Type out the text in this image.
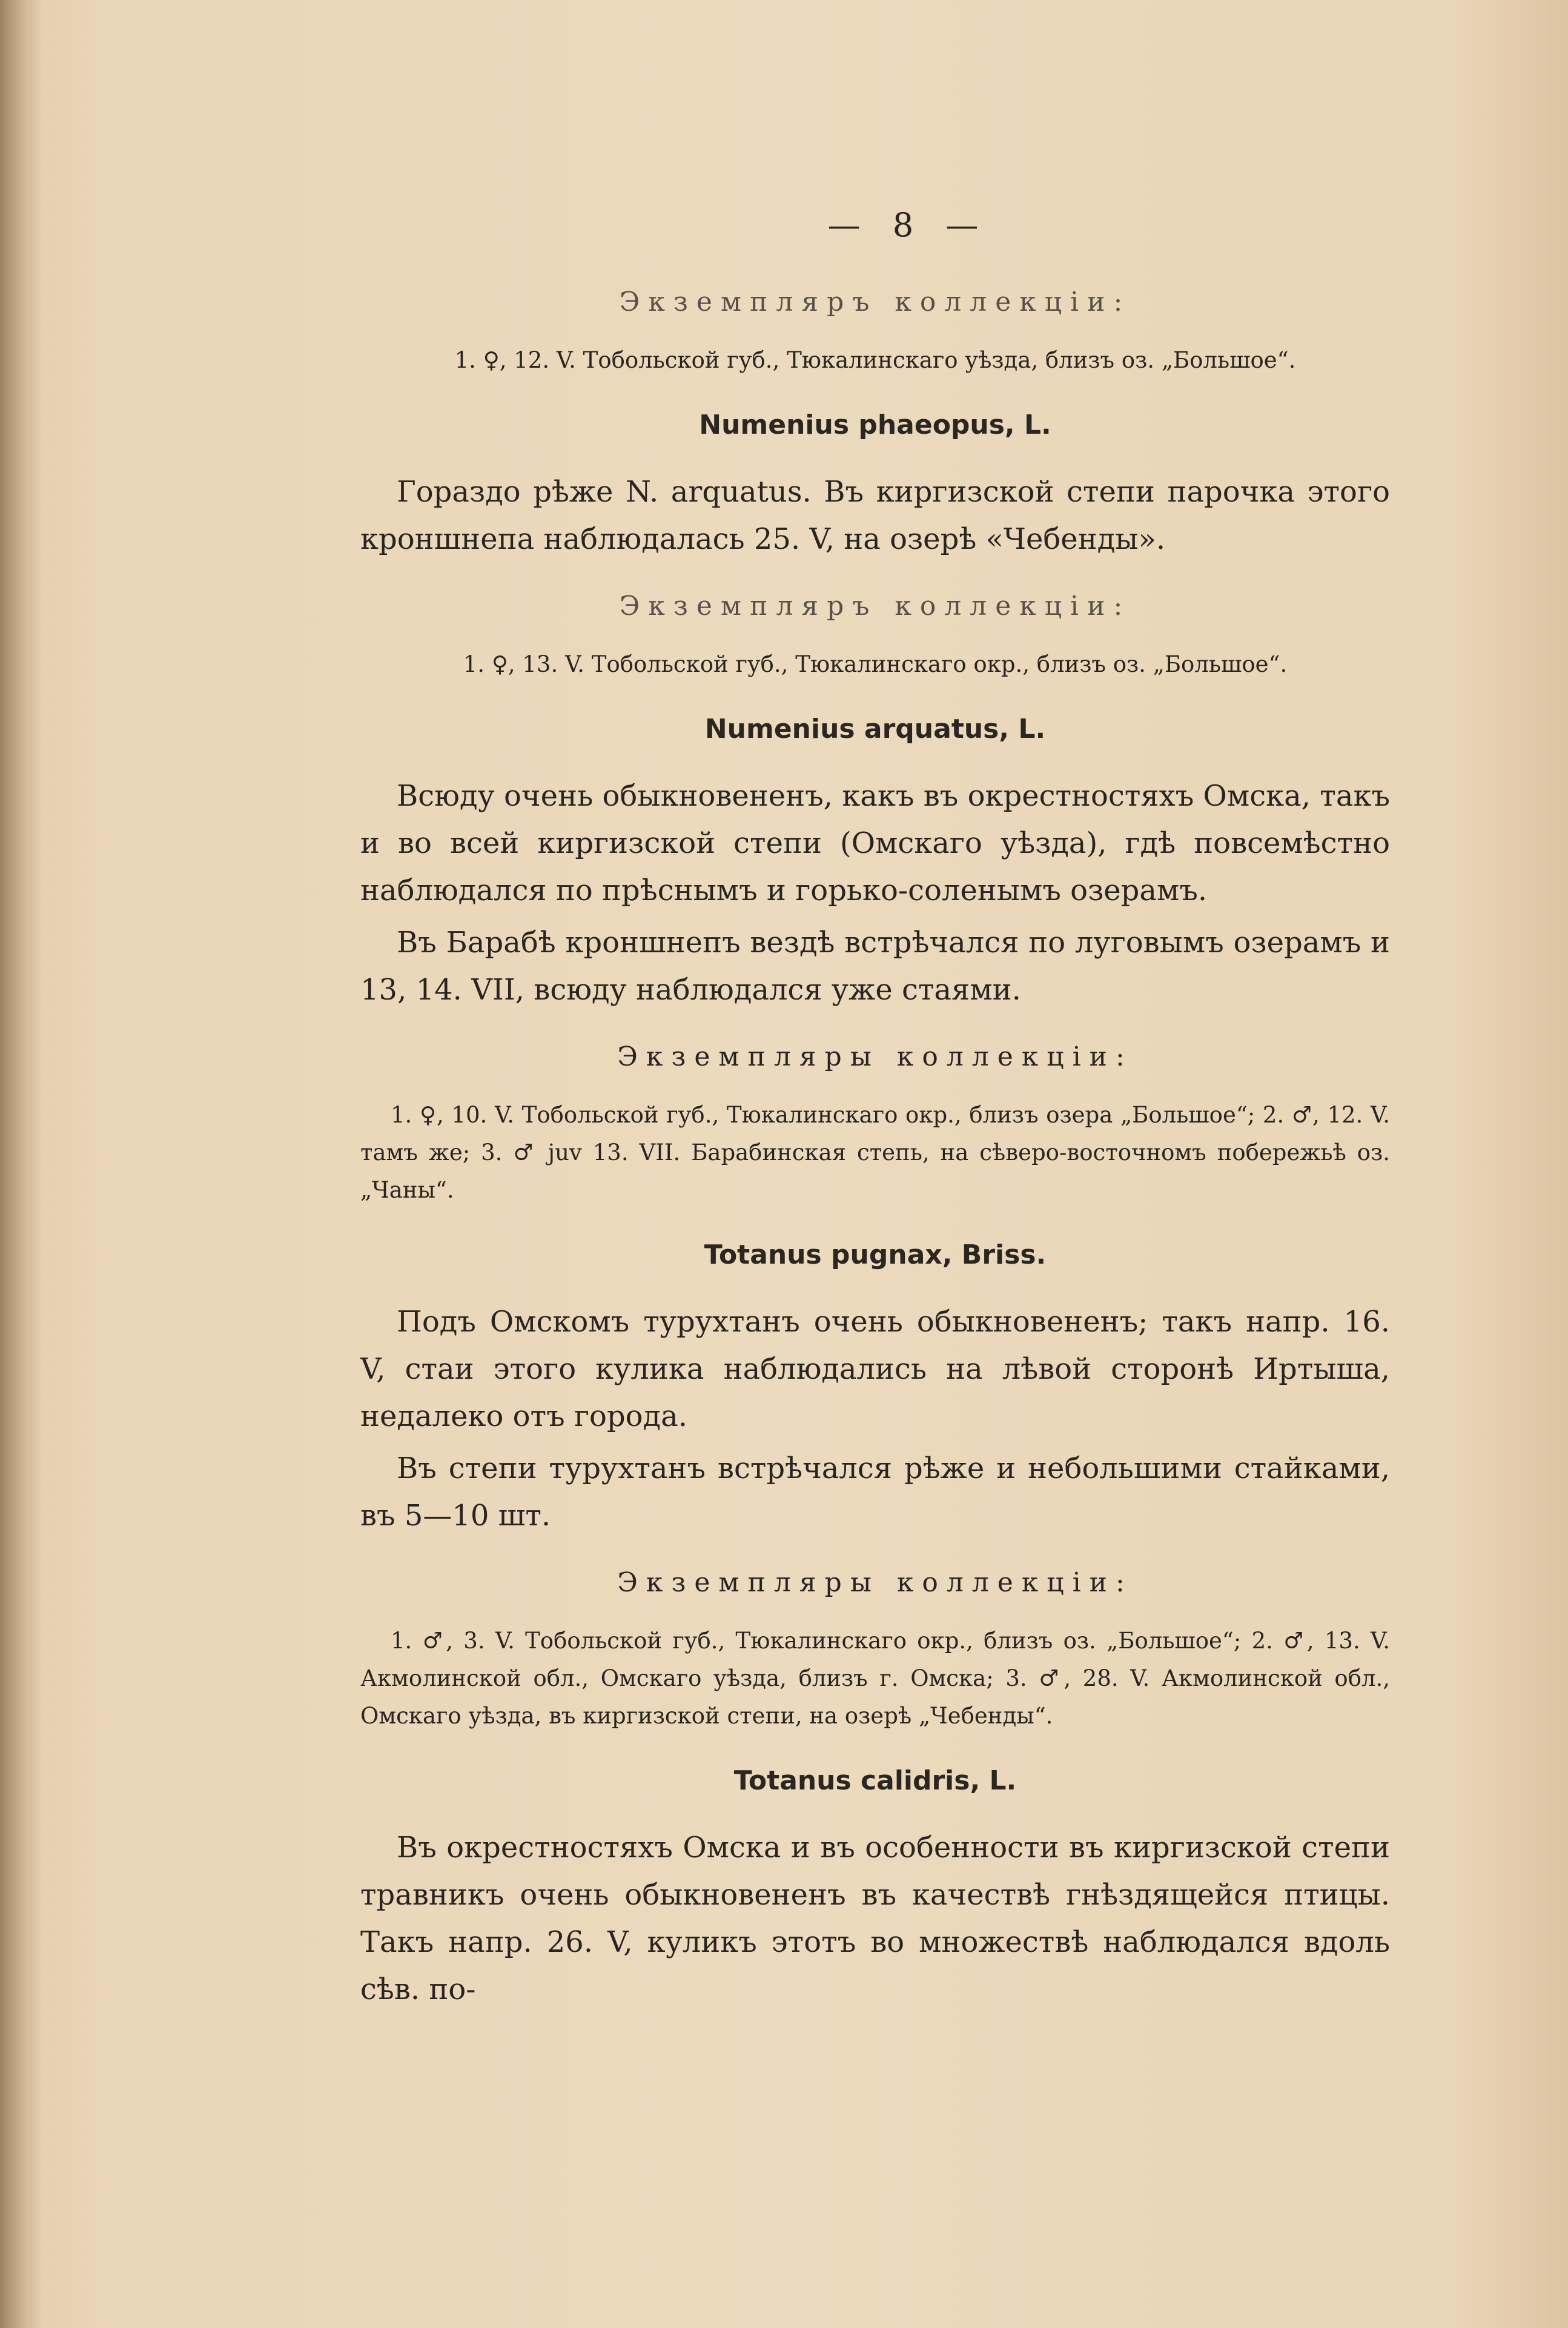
— 8 —
Экземпляръ коллекціи:
1. ♀, 12. V. Тобольской губ., Тюкалинскаго уѣзда, близъ оз. „Большое“.
Numenius phaeopus, L.
Гораздо рѣже N. arquatus. Въ киргизской степи парочка этого кроншнепа наблюдалась 25. V, на озерѣ «Чебенды».
Экземпляръ коллекціи:
1. ♀, 13. V. Тобольской губ., Тюкалинскаго окр., близъ оз. „Большое“.
Numenius arquatus, L.
Всюду очень обыкновененъ, какъ въ окрестностяхъ Омска, такъ и во всей киргизской степи (Омскаго уѣзда), гдѣ повсемѣстно наблюдался по прѣснымъ и горько-соленымъ озерамъ.
Въ Барабѣ кроншнепъ вездѣ встрѣчался по луговымъ озерамъ и 13, 14. VII, всюду наблюдался уже стаями.
Экземпляры коллекціи:
1. ♀, 10. V. Тобольской губ., Тюкалинскаго окр., близъ озера „Большое“; 2. ♂, 12. V. тамъ же; 3. ♂ juv 13. VII. Барабинская степь, на сѣверо-восточномъ побережьѣ оз. „Чаны“.
Totanus pugnax, Briss.
Подъ Омскомъ турухтанъ очень обыкновененъ; такъ напр. 16. V, стаи этого кулика наблюдались на лѣвой сторонѣ Иртыша, недалеко отъ города.
Въ степи турухтанъ встрѣчался рѣже и небольшими стайками, въ 5—10 шт.
Экземпляры коллекціи:
1. ♂, 3. V. Тобольской губ., Тюкалинскаго окр., близъ оз. „Большое“; 2. ♂, 13. V. Акмолинской обл., Омскаго уѣзда, близъ г. Омска; 3. ♂, 28. V. Акмолинской обл., Омскаго уѣзда, въ киргизской степи, на озерѣ „Чебенды“.
Totanus calidris, L.
Въ окрестностяхъ Омска и въ особенности въ киргизской степи травникъ очень обыкновененъ въ качествѣ гнѣздящейся птицы. Такъ напр. 26. V, куликъ этотъ во множествѣ наблюдался вдоль сѣв. по-
